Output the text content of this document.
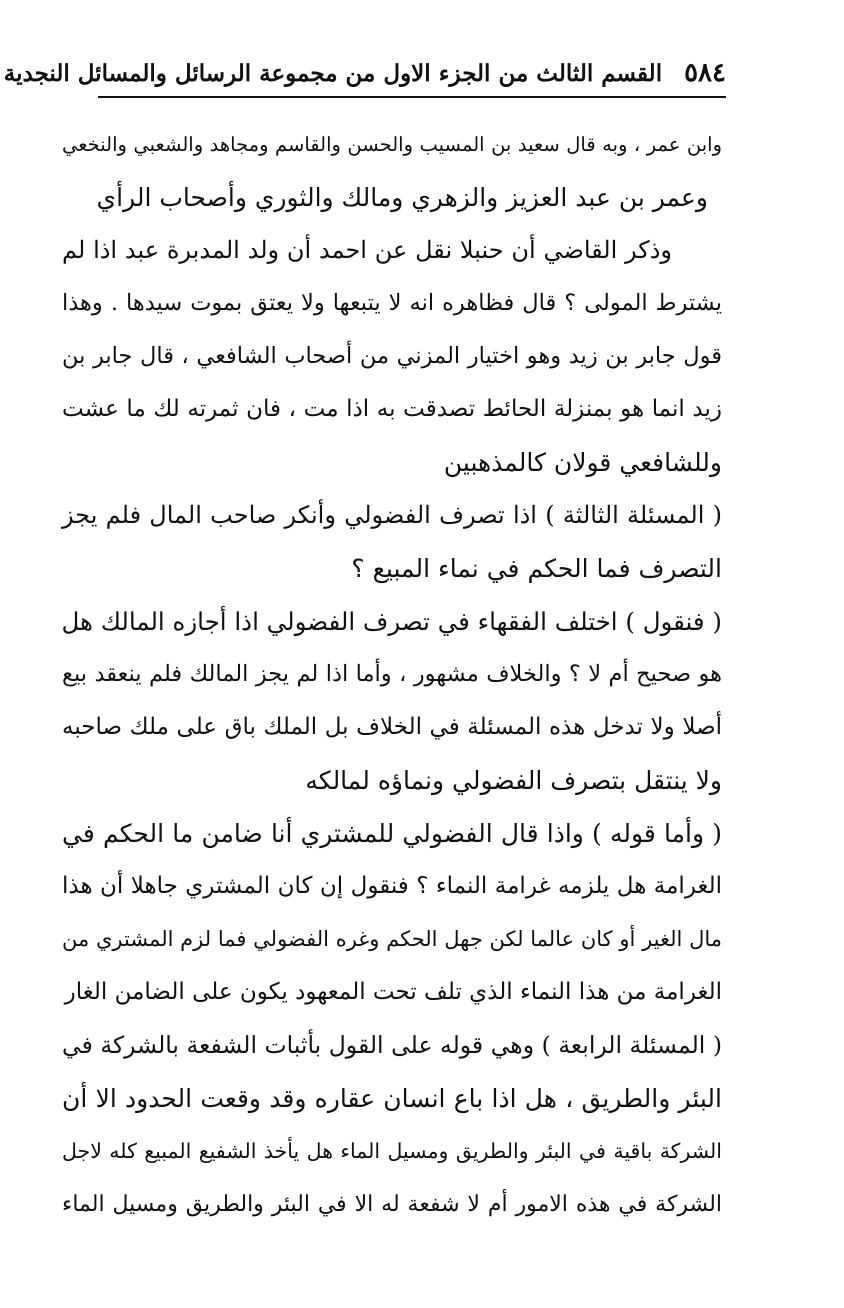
٥٨٤
القسم الثالث من الجزء الاول من مجموعة الرسائل والمسائل النجدية
وابن عمر ، وبه قال سعيد بن المسيب والحسن والقاسم ومجاهد والشعبي والنخعي
وعمر بن عبد العزيز والزهري ومالك والثوري وأصحاب الرأي
وذكر القاضي أن حنبلا نقل عن احمد أن ولد المدبرة عبد اذا لم
يشترط المولى ؟ قال فظاهره انه لا يتبعها ولا يعتق بموت سيدها . وهذا
قول جابر بن زيد وهو اختيار المزني من أصحاب الشافعي ، قال جابر بن
زيد انما هو بمنزلة الحائط تصدقت به اذا مت ، فان ثمرته لك ما عشت
وللشافعي قولان كالمذهبين
( المسئلة الثالثة ) اذا تصرف الفضولي وأنكر صاحب المال فلم يجز
التصرف فما الحكم في نماء المبيع ؟
( فنقول ) اختلف الفقهاء في تصرف الفضولي اذا أجازه المالك هل
هو صحيح أم لا ؟ والخلاف مشهور ، وأما اذا لم يجز المالك فلم ينعقد بيع
أصلا ولا تدخل هذه المسئلة في الخلاف بل الملك باق على ملك صاحبه
ولا ينتقل بتصرف الفضولي ونماؤه لمالكه
( وأما قوله ) واذا قال الفضولي للمشتري أنا ضامن ما الحكم في
الغرامة هل يلزمه غرامة النماء ؟ فنقول إن كان المشتري جاهلا أن هذا
مال الغير أو كان عالما لكن جهل الحكم وغره الفضولي فما لزم المشتري من
الغرامة من هذا النماء الذي تلف تحت المعهود يكون على الضامن الغار
( المسئلة الرابعة ) وهي قوله على القول بأثبات الشفعة بالشركة في
البئر والطريق ، هل اذا باع انسان عقاره وقد وقعت الحدود الا أن
الشركة باقية في البئر والطريق ومسيل الماء هل يأخذ الشفيع المبيع كله لاجل
الشركة في هذه الامور أم لا شفعة له الا في البئر والطريق ومسيل الماء
